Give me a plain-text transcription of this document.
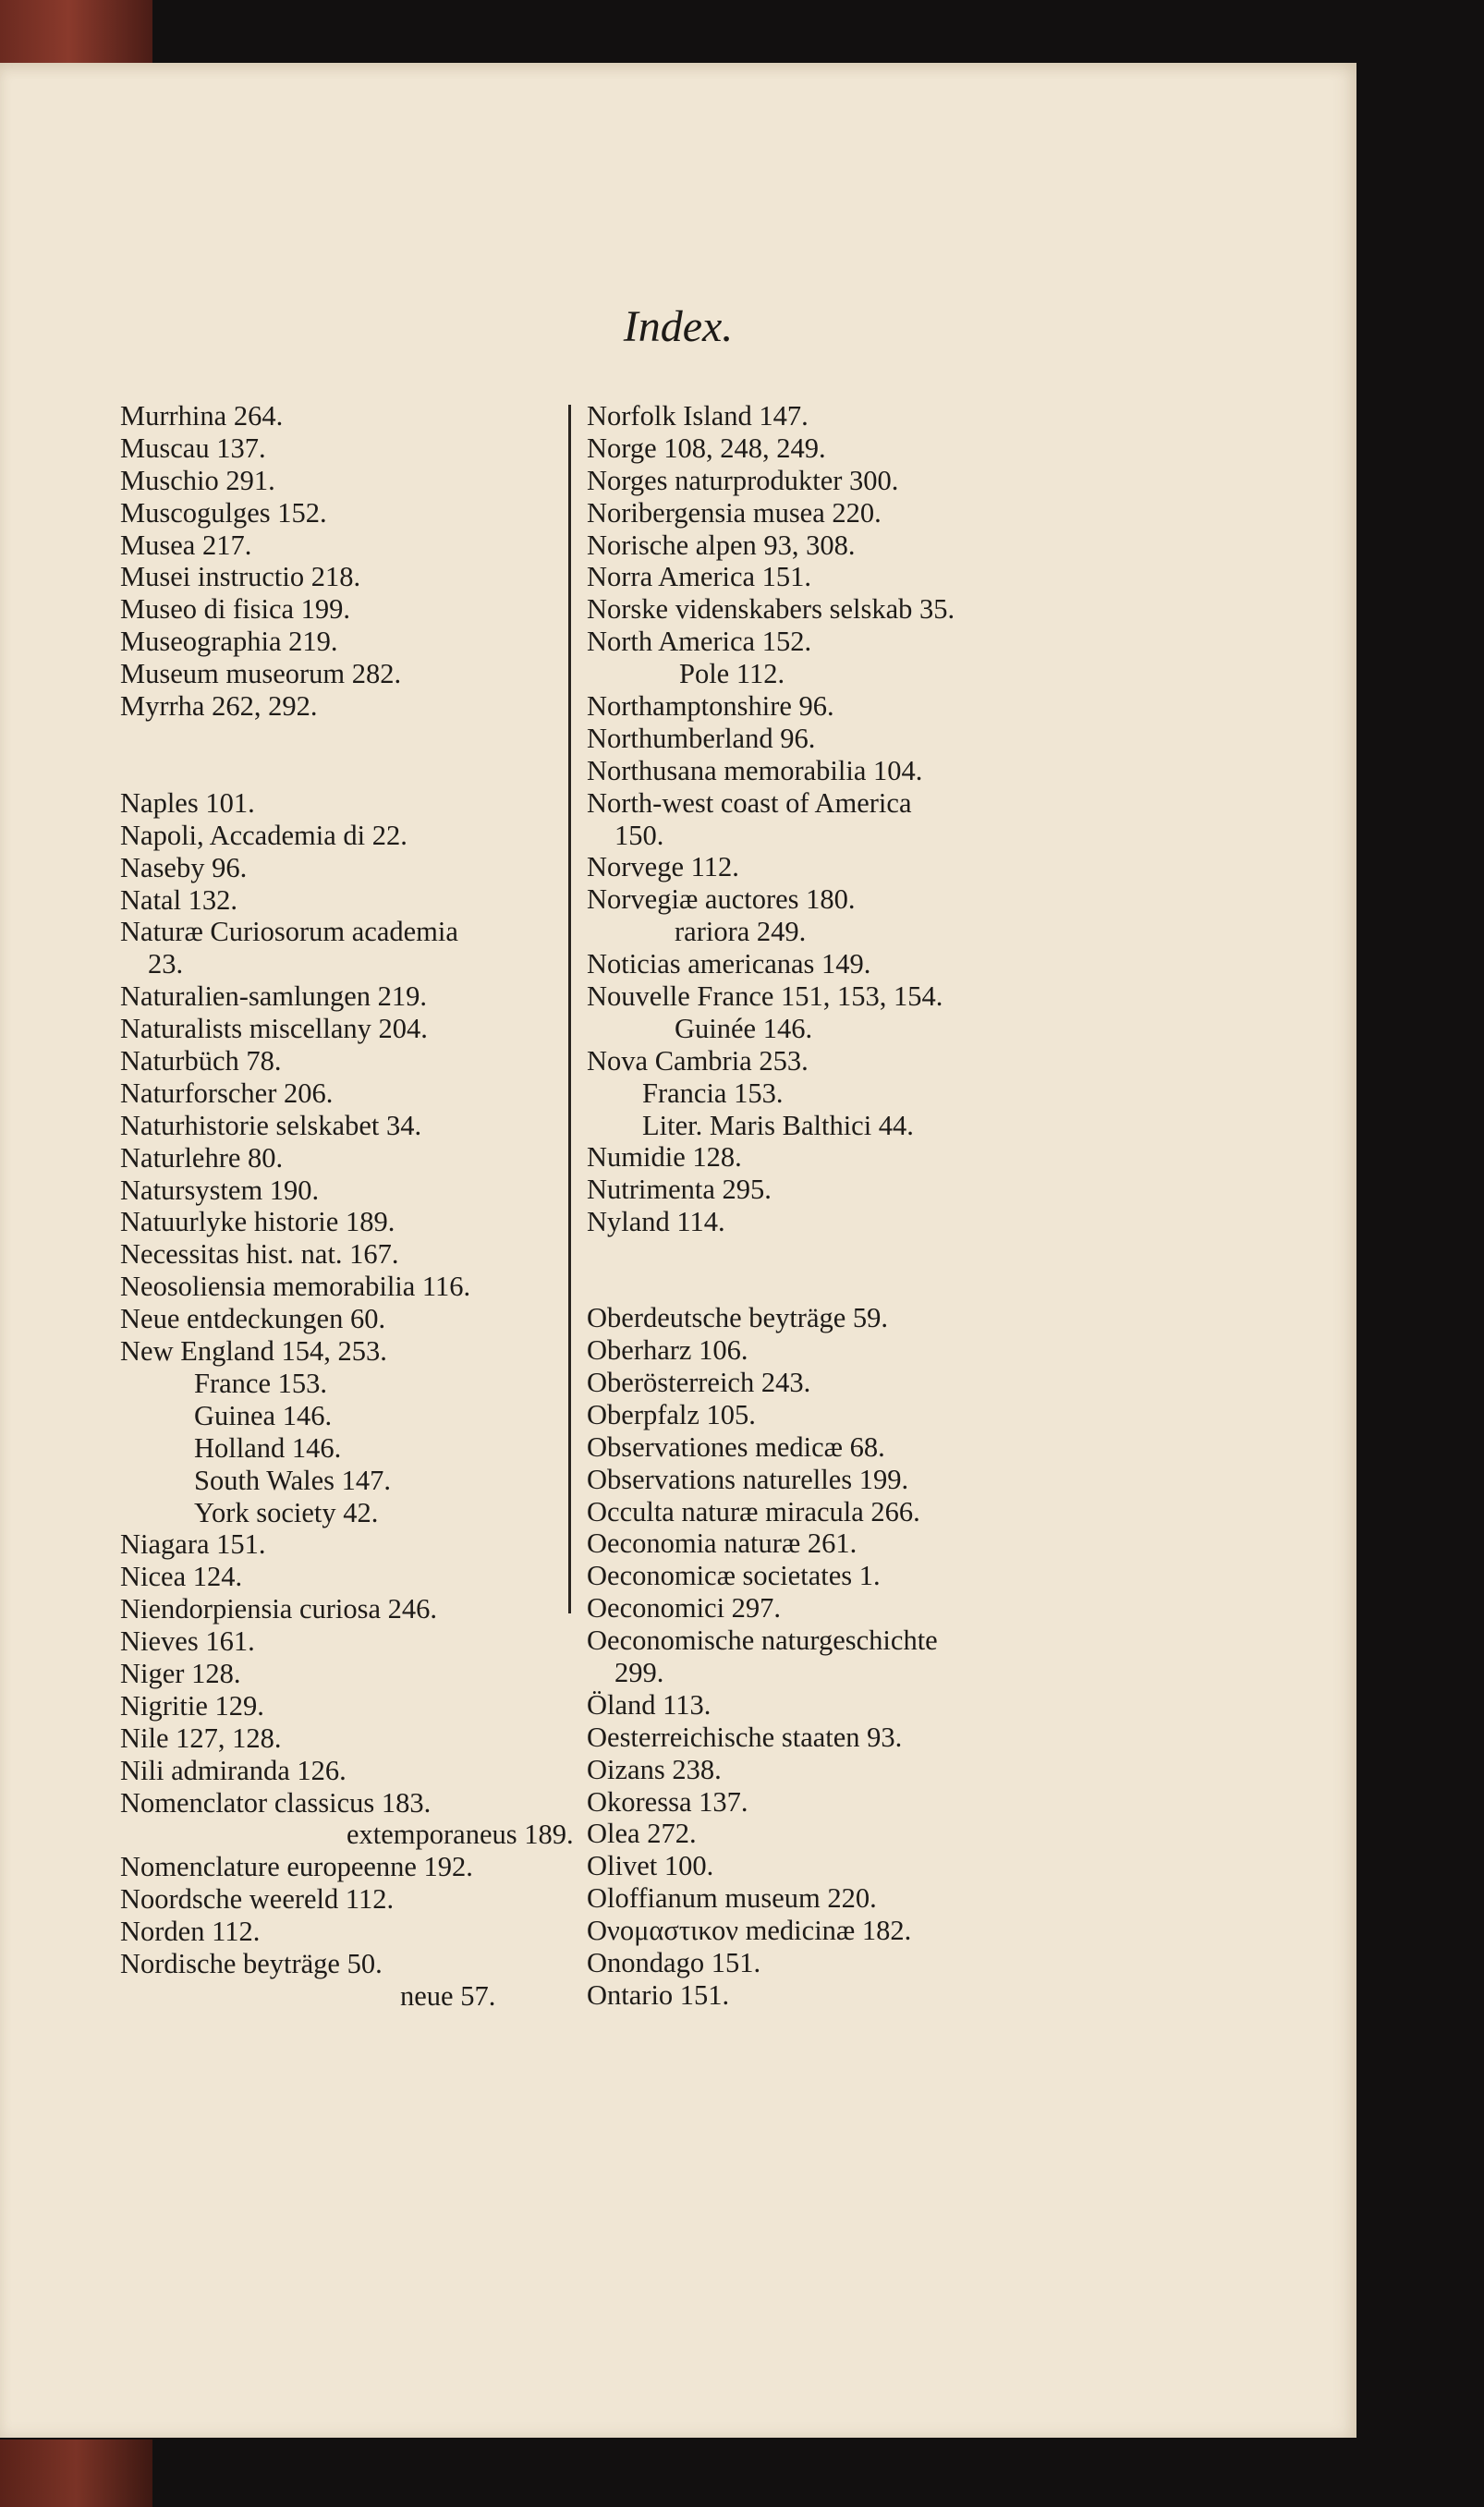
Index.
Murrhina 264.
Muscau 137.
Muschio 291.
Muscogulges 152.
Musea 217.
Musei instructio 218.
Museo di fisica 199.
Museographia 219.
Museum museorum 282.
Myrrha 262, 292.
Naples 101.
Napoli, Accademia di 22.
Naseby 96.
Natal 132.
Naturæ Curiosorum academia
23.
Naturalien-samlungen 219.
Naturalists miscellany 204.
Naturbüch 78.
Naturforscher 206.
Naturhistorie selskabet 34.
Naturlehre 80.
Natursystem 190.
Natuurlyke historie 189.
Necessitas hist. nat. 167.
Neosoliensia memorabilia 116.
Neue entdeckungen 60.
New England 154, 253.
France 153.
Guinea 146.
Holland 146.
South Wales 147.
York society 42.
Niagara 151.
Nicea 124.
Niendorpiensia curiosa 246.
Nieves 161.
Niger 128.
Nigritie 129.
Nile 127, 128.
Nili admiranda 126.
Nomenclator classicus 183.
extemporaneus 189.
Nomenclature europeenne 192.
Noordsche weereld 112.
Norden 112.
Nordische beyträge 50.
neue 57.
Norfolk Island 147.
Norge 108, 248, 249.
Norges naturprodukter 300.
Noribergensia musea 220.
Norische alpen 93, 308.
Norra America 151.
Norske videnskabers selskab 35.
North America 152.
Pole 112.
Northamptonshire 96.
Northumberland 96.
Northusana memorabilia 104.
North-west coast of America
150.
Norvege 112.
Norvegiæ auctores 180.
rariora 249.
Noticias americanas 149.
Nouvelle France 151, 153, 154.
Guinée 146.
Nova Cambria 253.
Francia 153.
Liter. Maris Balthici 44.
Numidie 128.
Nutrimenta 295.
Nyland 114.
Oberdeutsche beyträge 59.
Oberharz 106.
Oberösterreich 243.
Oberpfalz 105.
Observationes medicæ 68.
Observations naturelles 199.
Occulta naturæ miracula 266.
Oeconomia naturæ 261.
Oeconomicæ societates 1.
Oeconomici 297.
Oeconomische naturgeschichte
299.
Öland 113.
Oesterreichische staaten 93.
Oizans 238.
Okoressa 137.
Olea 272.
Olivet 100.
Oloffianum museum 220.
Ονομαστικον medicinæ 182.
Onondago 151.
Ontario 151.
